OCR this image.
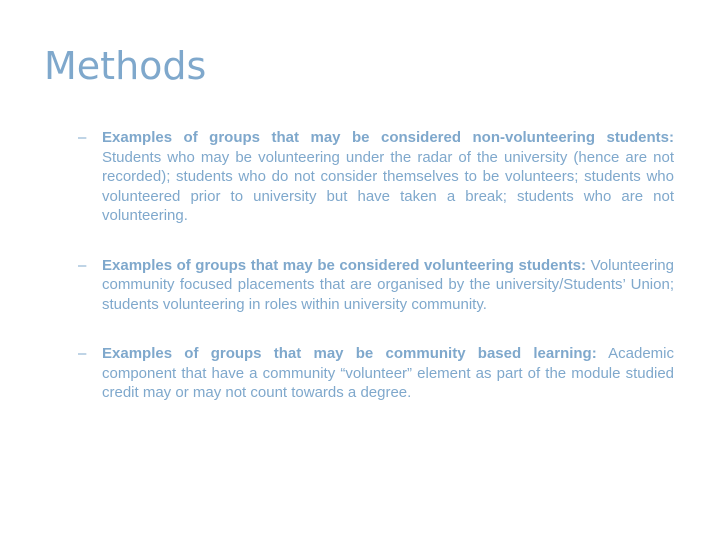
Methods
– Examples of groups that may be considered non-volunteering students: Students who may be volunteering under the radar of the university (hence are not recorded); students who do not consider themselves to be volunteers; students who volunteered prior to university but have taken a break; students who are not volunteering.
– Examples of groups that may be considered volunteering students: Volunteering community focused placements that are organised by the university/Students’ Union; students volunteering in roles within university community.
– Examples of groups that may be community based learning: Academic component that have a community “volunteer” element as part of the module studied credit may or may not count towards a degree.
